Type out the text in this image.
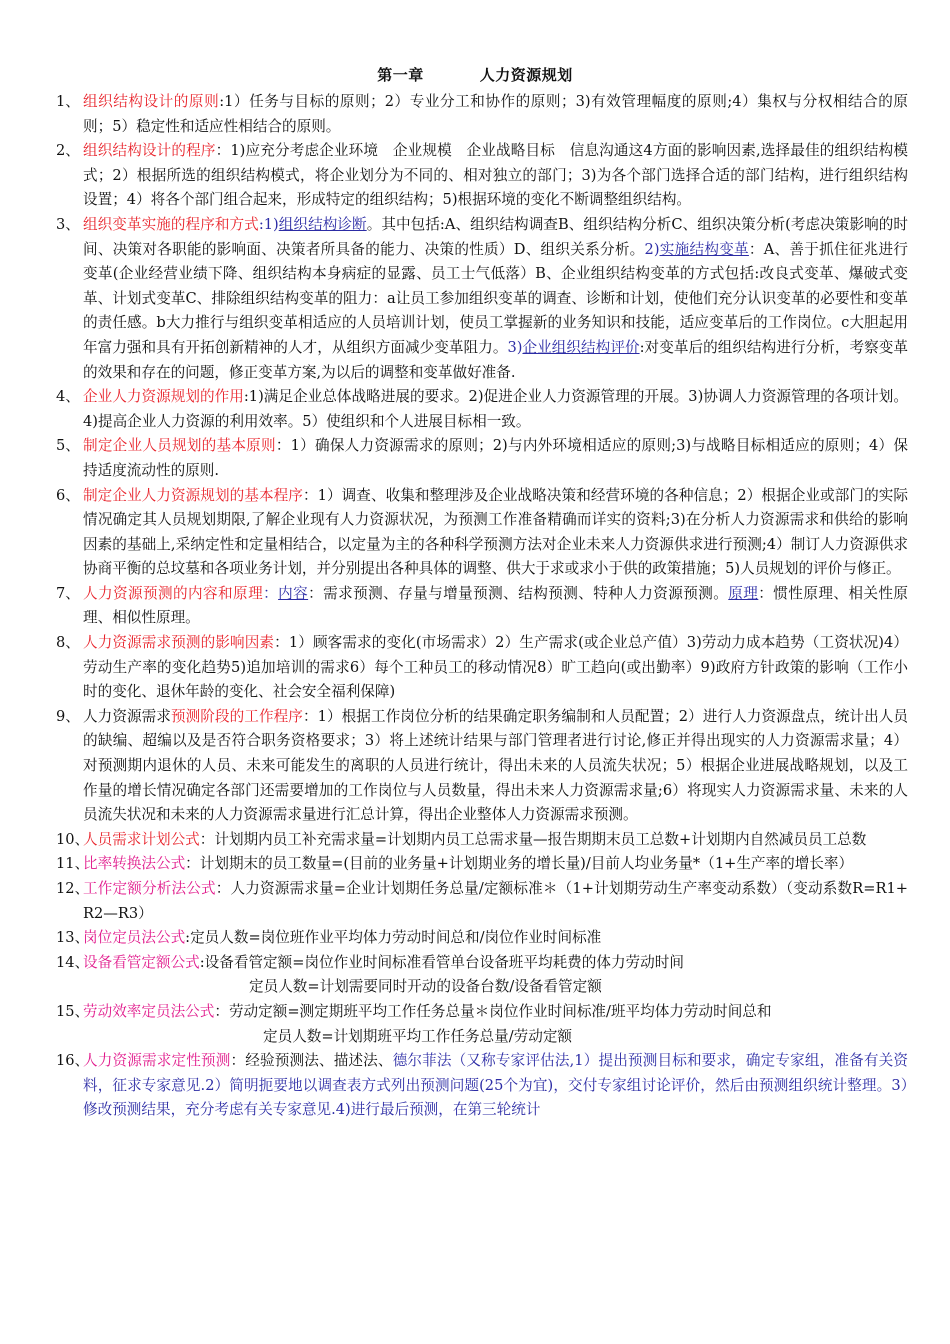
第一章	人力资源规划
1、 组织结构设计的原则:1）任务与目标的原则；2）专业分工和协作的原则；3)有效管理幅度的原则;4）集权与分权相结合的原则；5）稳定性和适应性相结合的原则。
2、 组织结构设计的程序：1)应充分考虑企业环境　企业规模　企业战略目标　信息沟通这4方面的影响因素,选择最佳的组织结构模式；2）根据所选的组织结构模式，将企业划分为不同的、相对独立的部门；3)为各个部门选择合适的部门结构，进行组织结构设置；4）将各个部门组合起来，形成特定的组织结构；5)根据环境的变化不断调整组织结构。
3、 组织变革实施的程序和方式:1)组织结构诊断。其中包括:A、组织结构调查B、组织结构分析C、组织决策分析(考虑决策影响的时间、决策对各职能的影响面、决策者所具备的能力、决策的性质）D、组织关系分析。2)实施结构变革：A、善于抓住征兆进行变革(企业经营业绩下降、组织结构本身病症的显露、员工士气低落）B、企业组织结构变革的方式包括:改良式变革、爆破式变革、计划式变革C、排除组织结构变革的阻力：a让员工参加组织变革的调查、诊断和计划，使他们充分认识变革的必要性和变革的责任感。b大力推行与组织变革相适应的人员培训计划，使员工掌握新的业务知识和技能，适应变革后的工作岗位。c大胆起用年富力强和具有开拓创新精神的人才，从组织方面减少变革阻力。3)企业组织结构评价:对变革后的组织结构进行分析，考察变革的效果和存在的问题，修正变革方案,为以后的调整和变革做好准备.
4、 企业人力资源规划的作用:1)满足企业总体战略进展的要求。2)促进企业人力资源管理的开展。3)协调人力资源管理的各项计划。4)提高企业人力资源的利用效率。5）使组织和个人进展目标相一致。
5、 制定企业人员规划的基本原则：1）确保人力资源需求的原则；2)与内外环境相适应的原则;3)与战略目标相适应的原则；4）保持适度流动性的原则.
6、 制定企业人力资源规划的基本程序：1）调查、收集和整理涉及企业战略决策和经营环境的各种信息；2）根据企业或部门的实际情况确定其人员规划期限,了解企业现有人力资源状况，为预测工作准备精确而详实的资料;3)在分析人力资源需求和供给的影响因素的基础上,采纳定性和定量相结合，以定量为主的各种科学预测方法对企业未来人力资源供求进行预测;4）制订人力资源供求协商平衡的总坟墓和各项业务计划，并分别提出各种具体的调整、供大于求或求小于供的政策措施；5)人员规划的评价与修正。
7、 人力资源预测的内容和原理：内容：需求预测、存量与增量预测、结构预测、特种人力资源预测。原理：惯性原理、相关性原理、相似性原理。
8、 人力资源需求预测的影响因素：1）顾客需求的变化(市场需求）2）生产需求(或企业总产值）3)劳动力成本趋势（工资状况)4）劳动生产率的变化趋势5)追加培训的需求6）每个工种员工的移动情况8）旷工趋向(或出勤率）9)政府方针政策的影响（工作小时的变化、退休年龄的变化、社会安全福利保障)
9、 人力资源需求预测阶段的工作程序：1）根据工作岗位分析的结果确定职务编制和人员配置；2）进行人力资源盘点，统计出人员的缺编、超编以及是否符合职务资格要求；3）将上述统计结果与部门管理者进行讨论,修正并得出现实的人力资源需求量；4）对预测期内退休的人员、未来可能发生的离职的人员进行统计，得出未来的人员流失状况；5）根据企业进展战略规划，以及工作量的增长情况确定各部门还需要增加的工作岗位与人员数量，得出未来人力资源需求量;6）将现实人力资源需求量、未来的人员流失状况和未来的人力资源需求量进行汇总计算，得出企业整体人力资源需求预测。
10、
人员需求计划公式：计划期内员工补充需求量=计划期内员工总需求量—报告期期末员工总数+计划期内自然减员员工总数
11、
比率转换法公式：计划期末的员工数量=(目前的业务量+计划期业务的增长量)/目前人均业务量*（1+生产率的增长率）
12、
工作定额分析法公式：人力资源需求量=企业计划期任务总量/定额标准＊（1+计划期劳动生产率变动系数）（变动系数R=R1+R2—R3）
13、
岗位定员法公式:定员人数=岗位班作业平均体力劳动时间总和/岗位作业时间标准
14、
设备看管定额公式:设备看管定额=岗位作业时间标准看管单台设备班平均耗费的体力劳动时间
定员人数=计划需要同时开动的设备台数/设备看管定额
15、
劳动效率定员法公式：劳动定额=测定期班平均工作任务总量＊岗位作业时间标准/班平均体力劳动时间总和
定员人数=计划期班平均工作任务总量/劳动定额
16、
人力资源需求定性预测：经验预测法、描述法、德尔菲法（又称专家评估法,1）提出预测目标和要求，确定专家组，准备有关资料，征求专家意见.2）简明扼要地以调查表方式列出预测问题(25个为宜)，交付专家组讨论评价，然后由预测组织统计整理。3）修改预测结果，充分考虑有关专家意见.4)进行最后预测，在第三轮统计
